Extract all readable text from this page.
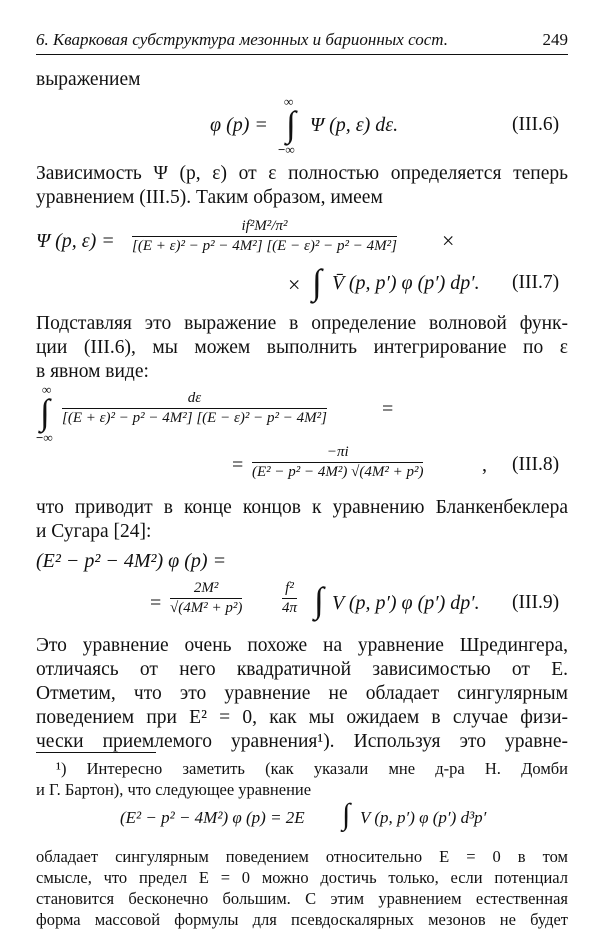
6. Кварковая субструктура мезонных и барионных сост.	249
выражением
φ (p) =
∞
∫
−∞
Ψ (p, ε) dε.	(III.6)
Зависимость Ψ (p, ε) от ε полностью определяется теперь
уравнением (III.5). Таким образом, имеем
Ψ (p, $\varepsilon) = \frac{\text{if²M²/π²}}{\text{[(E + ε)² − p² − 4M²] [(E − ε)² − p² − 4M²]}}$ ×
× ∫ V̄ (p, p′) φ (p′) dp′. (III.7)
Подставляя это выражение в определение волновой функ-
ции (III.6), мы можем выполнить интегрирование по ε
в явном виде:
∞
∫
−∞
$\frac{d\varepsilon}{\text{[(E + ε)² − p² − 4M²] [(E − ε)² − p² − 4M²]}}$	=
= $\frac{-\pi i}{\text{(E² − p² − 4M²) √(4M² + p²)}}$	, (III.8)
что приводит в конце концов к уравнению Бланкенбеклера
и Сугара [24]:
(E² − p² − 4M²) φ (p) =
= $\frac{\text{2M²}}{\text{√(4M² + p²)}}$	$\frac{\text{f²}}{4\pi}$ ∫ V (p, p′) φ (p′) dp′. (III.9)
Это уравнение очень похоже на уравнение Шредингера,
отличаясь от него квадратичной зависимостью от E.
Отметим, что это уравнение не обладает сингулярным
поведением при E² = 0, как мы ожидаем в случае физи-
чески приемлемого уравнения¹). Используя это уравне-
¹) Интересно заметить (как указали мне д-ра Н. Домби
и Г. Бартон), что следующее уравнение
(E² − p² − 4M²) φ (p) = 2E ∫ V (p, p′) φ (p′) d³p′
обладает сингулярным поведением относительно E = 0 в том
смысле, что предел E = 0 можно достичь только, если потенциал
становится бесконечно большим. С этим уравнением естественная
форма массовой формулы для псевдоскалярных мезонов не будет
